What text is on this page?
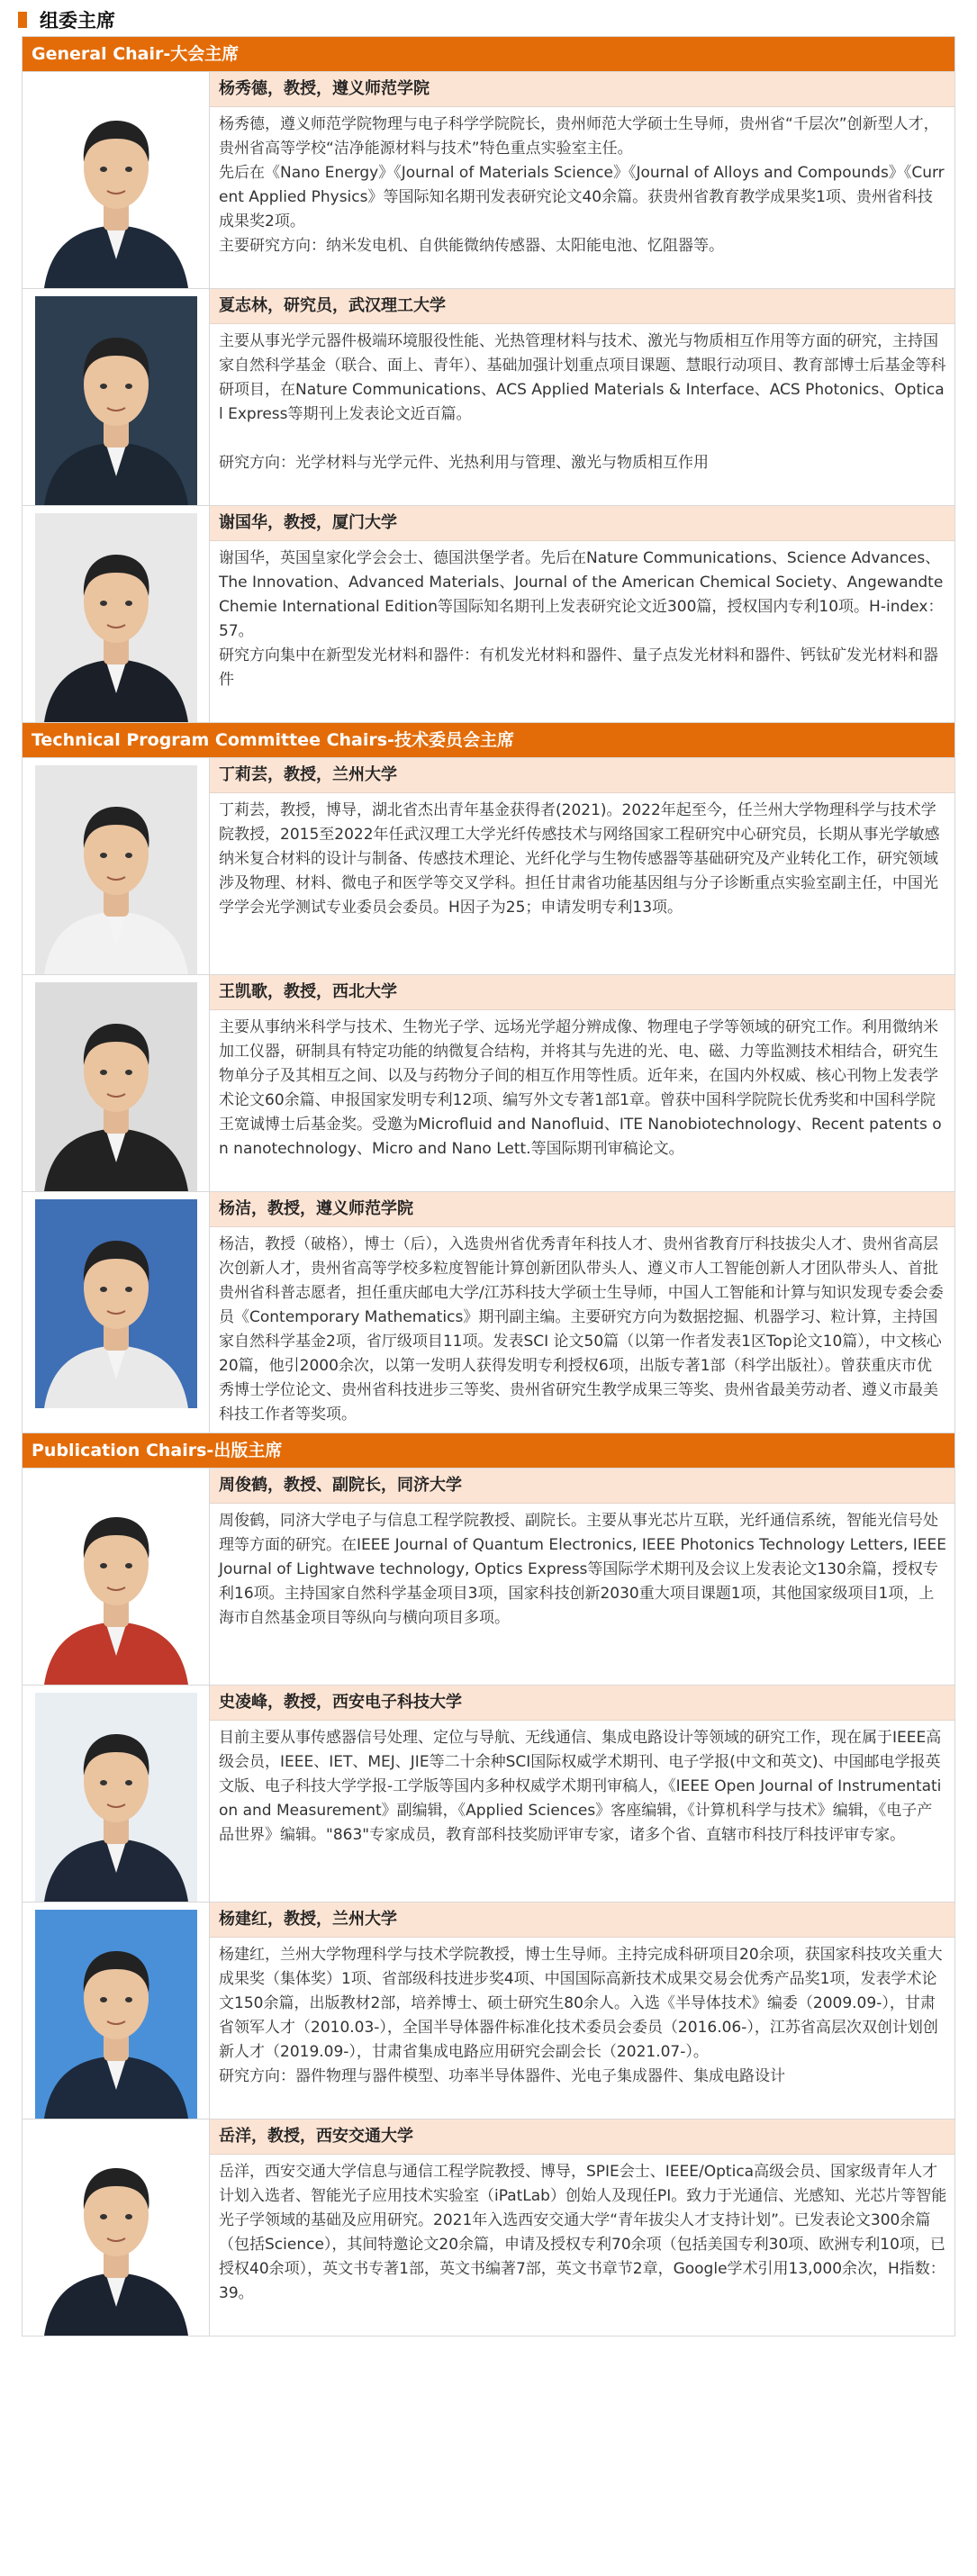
组委主席
General Chair-大会主席
杨秀德，教授，遵义师范学院

杨秀德，遵义师范学院物理与电子科学学院院长，贵州师范大学硕士生导师，贵州省“千层次”创新型人才，贵州省高等学校“洁净能源材料与技术”特色重点实验室主任。

先后在《Nano Energy》《Journal of Materials Science》《Journal of Alloys and Compounds》《Current Applied Physics》等国际知名期刊发表研究论文40余篇。获贵州省教育教学成果奖1项、贵州省科技成果奖2项。

主要研究方向：纳米发电机、自供能微纳传感器、太阳能电池、忆阻器等。

夏志林，研究员，武汉理工大学

主要从事光学元器件极端环境服役性能、光热管理材料与技术、激光与物质相互作用等方面的研究，主持国家自然科学基金（联合、面上、青年）、基础加强计划重点项目课题、慧眼行动项目、教育部博士后基金等科研项目，在Nature Communications、ACS Applied Materials & Interface、ACS Photonics、Optical Express等期刊上发表论文近百篇。

研究方向：光学材料与光学元件、光热利用与管理、激光与物质相互作用

谢国华，教授，厦门大学

谢国华，英国皇家化学会会士、德国洪堡学者。先后在Nature Communications、Science Advances、The Innovation、Advanced Materials、Journal of the American Chemical Society、Angewandte Chemie International Edition等国际知名期刊上发表研究论文近300篇，授权国内专利10项。H-index：57。

研究方向集中在新型发光材料和器件：有机发光材料和器件、量子点发光材料和器件、钙钛矿发光材料和器件

Technical Program Committee Chairs-技术委员会主席
丁莉芸，教授，兰州大学

丁莉芸，教授，博导，湖北省杰出青年基金获得者(2021)。2022年起至今，任兰州大学物理科学与技术学院教授，2015至2022年任武汉理工大学光纤传感技术与网络国家工程研究中心研究员，长期从事光学敏感纳米复合材料的设计与制备、传感技术理论、光纤化学与生物传感器等基础研究及产业转化工作，研究领域涉及物理、材料、微电子和医学等交叉学科。担任甘肃省功能基因组与分子诊断重点实验室副主任，中国光学学会光学测试专业委员会委员。H因子为25；申请发明专利13项。

王凯歌，教授，西北大学

主要从事纳米科学与技术、生物光子学、远场光学超分辨成像、物理电子学等领域的研究工作。利用微纳米加工仪器，研制具有特定功能的纳微复合结构，并将其与先进的光、电、磁、力等监测技术相结合，研究生物单分子及其相互之间、以及与药物分子间的相互作用等性质。近年来，在国内外权威、核心刊物上发表学术论文60余篇、申报国家发明专利12项、编写外文专著1部1章。曾获中国科学院院长优秀奖和中国科学院王宽诚博士后基金奖。受邀为Microfluid and Nanofluid、ITE Nanobiotechnology、Recent patents on nanotechnology、Micro and Nano Lett.等国际期刊审稿论文。

杨洁，教授，遵义师范学院

杨洁，教授（破格），博士（后），入选贵州省优秀青年科技人才、贵州省教育厅科技拔尖人才、贵州省高层次创新人才，贵州省高等学校多粒度智能计算创新团队带头人、遵义市人工智能创新人才团队带头人、首批贵州省科普志愿者，担任重庆邮电大学/江苏科技大学硕士生导师，中国人工智能和计算与知识发现专委会委员《Contemporary Mathematics》期刊副主编。主要研究方向为数据挖掘、机器学习、粒计算，主持国家自然科学基金2项，省厅级项目11项。发表SCI 论文50篇（以第一作者发表1区Top论文10篇），中文核心20篇，他引2000余次，以第一发明人获得发明专利授权6项，出版专著1部（科学出版社）。曾获重庆市优秀博士学位论文、贵州省科技进步三等奖、贵州省研究生教学成果三等奖、贵州省最美劳动者、遵义市最美科技工作者等奖项。

Publication Chairs-出版主席
周俊鹤，教授、副院长，同济大学

周俊鹤，同济大学电子与信息工程学院教授、副院长。主要从事光芯片互联，光纤通信系统，智能光信号处理等方面的研究。在IEEE Journal of Quantum Electronics, IEEE Photonics Technology Letters, IEEE Journal of Lightwave technology, Optics Express等国际学术期刊及会议上发表论文130余篇，授权专利16项。主持国家自然科学基金项目3项，国家科技创新2030重大项目课题1项，其他国家级项目1项，上海市自然基金项目等纵向与横向项目多项。

史凌峰，教授，西安电子科技大学

目前主要从事传感器信号处理、定位与导航、无线通信、集成电路设计等领域的研究工作，现在属于IEEE高级会员，IEEE、IET、MEJ、JIE等二十余种SCI国际权威学术期刊、电子学报(中文和英文)、中国邮电学报英文版、电子科技大学学报-工学版等国内多种权威学术期刊审稿人，《IEEE Open Journal of Instrumentation and Measurement》副编辑，《Applied Sciences》客座编辑，《计算机科学与技术》编辑，《电子产品世界》编辑。"863"专家成员，教育部科技奖励评审专家，诸多个省、直辖市科技厅科技评审专家。

杨建红，教授，兰州大学

杨建红，兰州大学物理科学与技术学院教授，博士生导师。主持完成科研项目20余项，获国家科技攻关重大成果奖（集体奖）1项、省部级科技进步奖4项、中国国际高新技术成果交易会优秀产品奖1项，发表学术论文150余篇，出版教材2部，培养博士、硕士研究生80余人。入选《半导体技术》编委（2009.09-），甘肃省领军人才（2010.03-），全国半导体器件标准化技术委员会委员（2016.06-），江苏省高层次双创计划创新人才（2019.09-），甘肃省集成电路应用研究会副会长（2021.07-）。

研究方向：器件物理与器件模型、功率半导体器件、光电子集成器件、集成电路设计

岳洋，教授，西安交通大学

岳洋，西安交通大学信息与通信工程学院教授、博导，SPIE会士、IEEE/Optica高级会员、国家级青年人才计划入选者、智能光子应用技术实验室（iPatLab）创始人及现任PI。致力于光通信、光感知、光芯片等智能光子学领域的基础及应用研究。2021年入选西安交通大学“青年拔尖人才支持计划”。已发表论文300余篇（包括Science），其间特邀论文20余篇，申请及授权专利70余项（包括美国专利30项、欧洲专利10项，已授权40余项），英文书专著1部，英文书编著7部，英文书章节2章，Google学术引用13,000余次，H指数：39。
